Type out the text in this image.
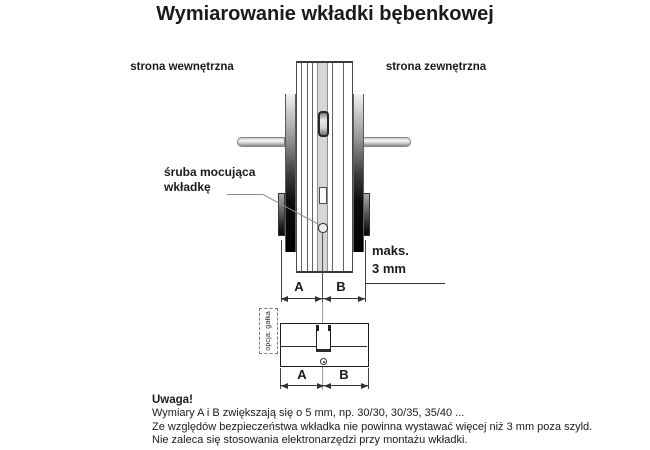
Wymiarowanie wkładki bębenkowej
strona wewnętrzna	strona zewnętrzna
śruba mocująca
wkładkę
A	B
maks.
3 mm
opcja: gałka
A	B
Uwaga!
Wymiary A i B zwiększają się o 5 mm, np. 30/30, 30/35, 35/40 ...
Ze względów bezpieczeństwa wkładka nie powinna wystawać więcej niż 3 mm poza szyld.
Nie zaleca się stosowania elektronarzędzi przy montażu wkładki.
